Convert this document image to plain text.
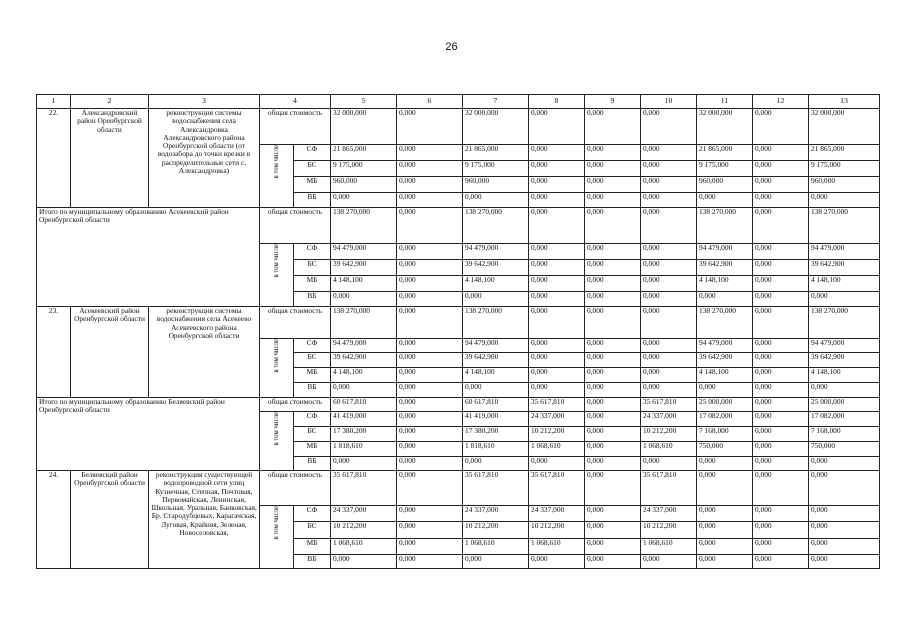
26
1	2	3	4		5	6	7	8	9	10	11	12	13
22.	Александровский район Оренбургской области	реконструкция системы водоснабжения села Александровка Александровского района Оренбургской области (от водозабора до точки врезки в распределительные сети с. Александровка)	общая стоимость		32 000,000	0,000	32 000,000	0,000	0,000	0,000	32 000,000	0,000	32 000,000
			в том числе	СФ	21 865,000	0,000	21 865,000	0,000	0,000	0,000	21 865,000	0,000	21 865,000
				БС	9 175,000	0,000	9 175,000	0,000	0,000	0,000	9 175,000	0,000	9 175,000
				МБ	960,000	0,000	960,000	0,000	0,000	0,000	960,000	0,000	960,000
				ВБ	0,000	0,000	0,000	0,000	0,000	0,000	0,000	0,000	0,000
Итого по муниципальному образованию Асекеевский район Оренбургской области			общая стоимость		138 270,000	0,000	138 270,000	0,000	0,000	0,000	138 270,000	0,000	138 270,000
			в том числе	СФ	94 479,000	0,000	94 479,000	0,000	0,000	0,000	94 479,000	0,000	94 479,000
				БС	39 642,900	0,000	39 642,900	0,000	0,000	0,000	39 642,900	0,000	39 642,900
				МБ	4 148,100	0,000	4 148,100	0,000	0,000	0,000	4 148,100	0,000	4 148,100
				ВБ	0,000	0,000	0,000	0,000	0,000	0,000	0,000	0,000	0,000
23.	Асекеевский район Оренбургской области	реконструкция системы водоснабжения села Асекеево Асекеевского района Оренбургской области	общая стоимость		138 270,000	0,000	138 270,000	0,000	0,000	0,000	138 270,000	0,000	138 270,000
			в том числе	СФ	94 479,000	0,000	94 479,000	0,000	0,000	0,000	94 479,000	0,000	94 479,000
				БС	39 642,900	0,000	39 642,900	0,000	0,000	0,000	39 642,900	0,000	39 642,900
				МБ	4 148,100	0,000	4 148,100	0,000	0,000	0,000	4 148,100	0,000	4 148,100
				ВБ	0,000	0,000	0,000	0,000	0,000	0,000	0,000	0,000	0,000
Итого по муниципальному образованию Беляевский район Оренбургской области			общая стоимость		60 617,810	0,000	60 617,810	35 617,810	0,000	35 617,810	25 000,000	0,000	25 000,000
			в том числе	СФ	41 419,000	0,000	41 419,000	24 337,000	0,000	24 337,000	17 082,000	0,000	17 082,000
				БС	17 380,200	0,000	17 380,200	10 212,200	0,000	10 212,200	7 168,000	0,000	7 168,000
				МБ	1 818,610	0,000	1 818,610	1 068,610	0,000	1 068,610	750,000	0,000	750,000
				ВБ	0,000	0,000	0,000	0,000	0,000	0,000	0,000	0,000	0,000
24.	Беляевский район Оренбургской области	реконструкция существующей водопроводной сети улиц Кузнечная, Степная, Почтовая, Первомайская, Ленинская, Школьная, Уральная, Банковская, Бр. Стародубцевых, Карагачская, Луговая, Крайняя, Зеленая, Новоселовская,	общая стоимость		35 617,810	0,000	35 617,810	35 617,810	0,000	35 617,810	0,000	0,000	0,000
			в том числе	СФ	24 337,000	0,000	24 337,000	24 337,000	0,000	24 337,000	0,000	0,000	0,000
				БС	10 212,200	0,000	10 212,200	10 212,200	0,000	10 212,200	0,000	0,000	0,000
				МБ	1 068,610	0,000	1 068,610	1 068,610	0,000	1 068,610	0,000	0,000	0,000
				ВБ	0,000	0,000	0,000	0,000	0,000	0,000	0,000	0,000	0,000
